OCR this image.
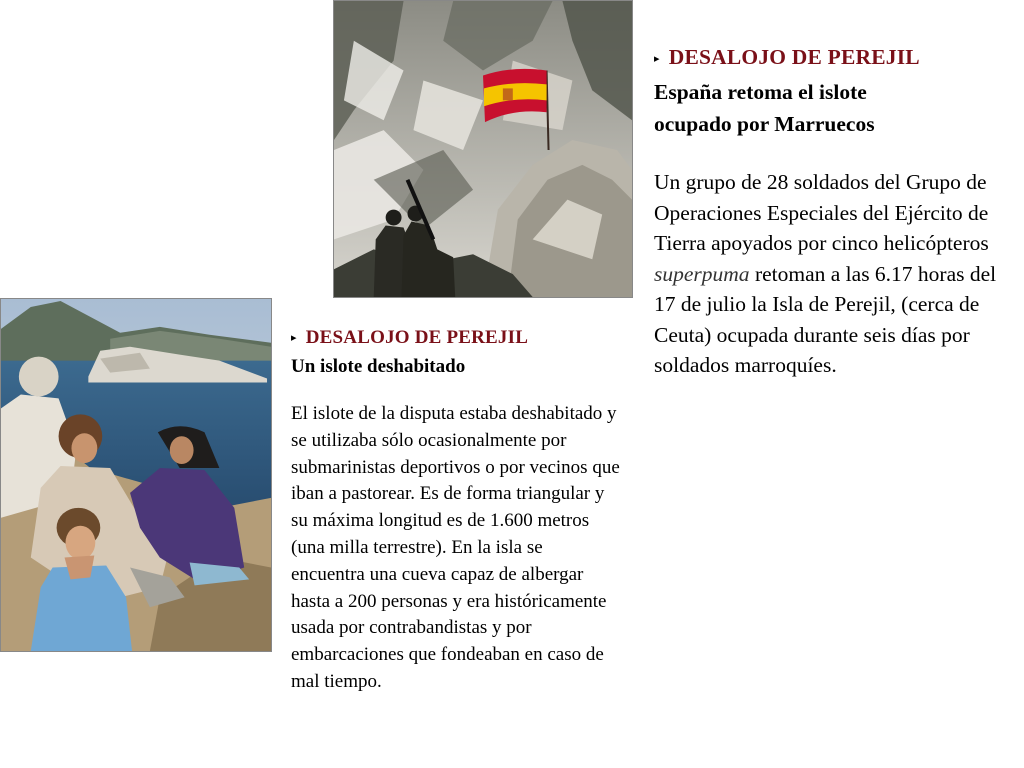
▸ DESALOJO DE PEREJIL
España retoma el islote
ocupado por Marruecos

Un grupo de 28 soldados del Grupo de Operaciones Especiales del Ejército de Tierra apoyados por cinco helicópteros superpuma retoman a las 6.17 horas del 17 de julio la Isla de Perejil, (cerca de Ceuta) ocupada durante seis días por soldados marroquíes.

▸ DESALOJO DE PEREJIL
Un islote deshabitado

El islote de la disputa estaba deshabitado y se utilizaba sólo ocasionalmente por submarinistas deportivos o por vecinos que iban a pastorear. Es de forma triangular y su máxima longitud es de 1.600 metros (una milla terrestre). En la isla se encuentra una cueva capaz de albergar hasta a 200 personas y era históricamente usada por contrabandistas y por embarcaciones que fondeaban en caso de mal tiempo.
